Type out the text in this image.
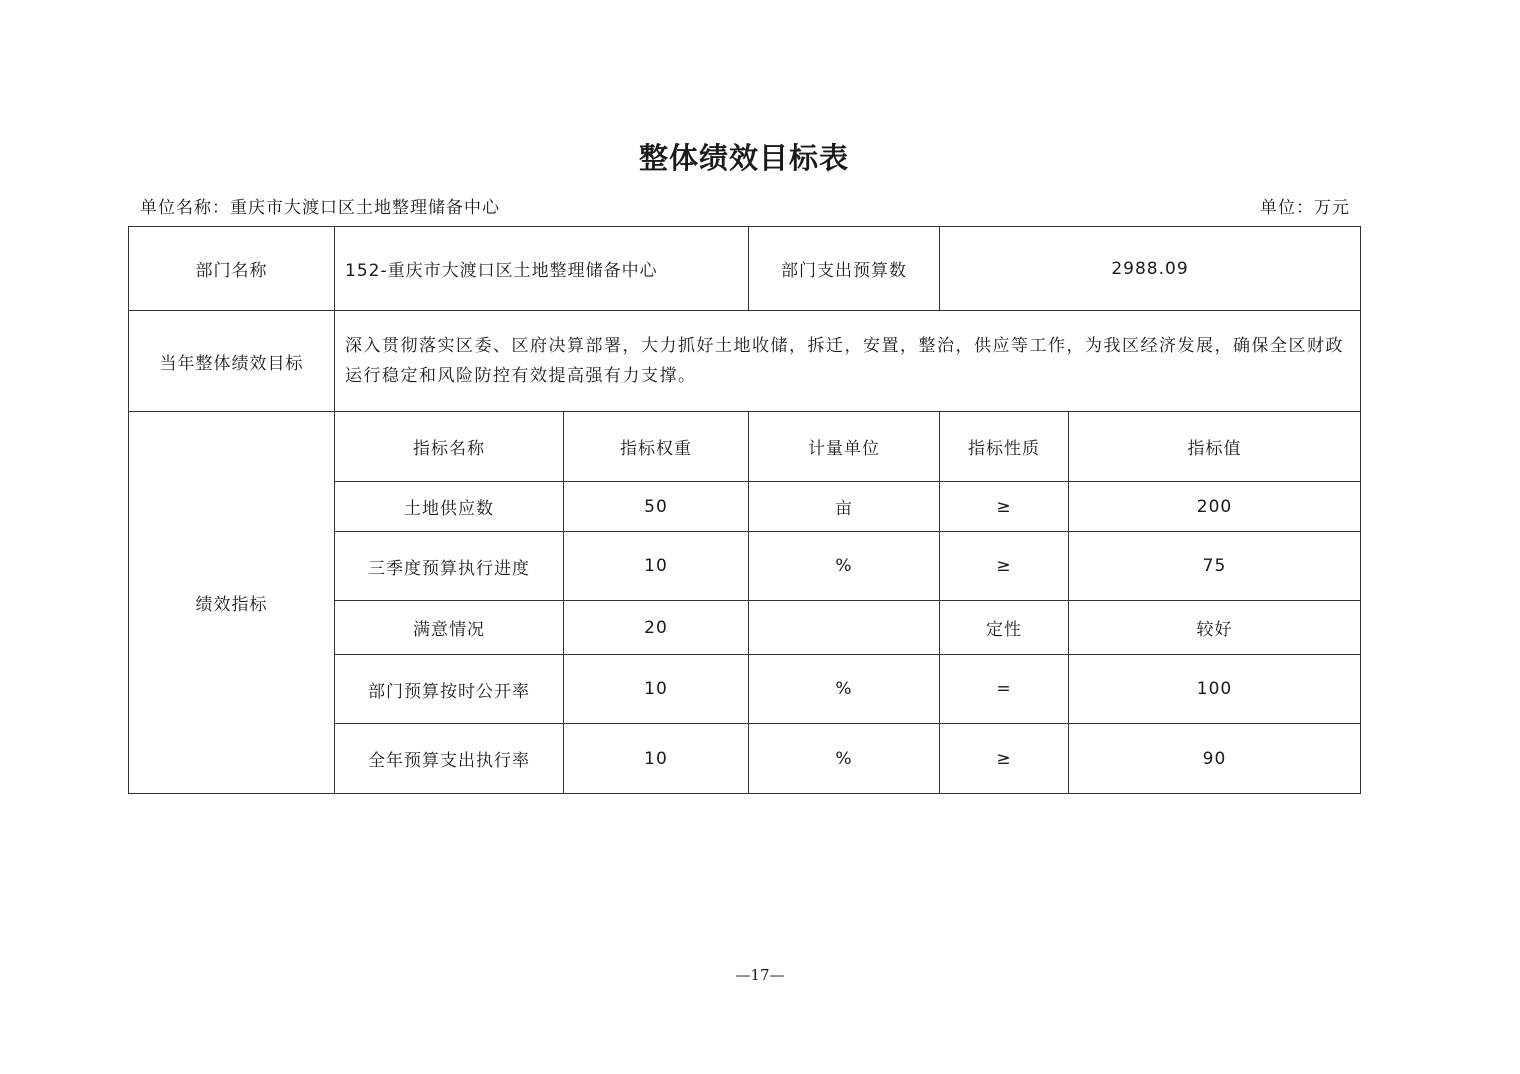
整体绩效目标表
单位名称：重庆市大渡口区土地整理储备中心	单位：万元
部门名称	152-重庆市大渡口区土地整理储备中心		部门支出预算数	2988.09	
当年整体绩效目标	深入贯彻落实区委、区府决算部署，大力抓好土地收储，拆迁，安置，整治，供应等工作，为我区经济发展，确保全区财政运行稳定和风险防控有效提高强有力支撑。				
绩效指标	指标名称	指标权重	计量单位	指标性质	指标值
	土地供应数	50	亩	≥	200
	三季度预算执行进度	10	%	≥	75
	满意情况	20		定性	较好
	部门预算按时公开率	10	%	=	100
	全年预算支出执行率	10	%	≥	90
—17—
